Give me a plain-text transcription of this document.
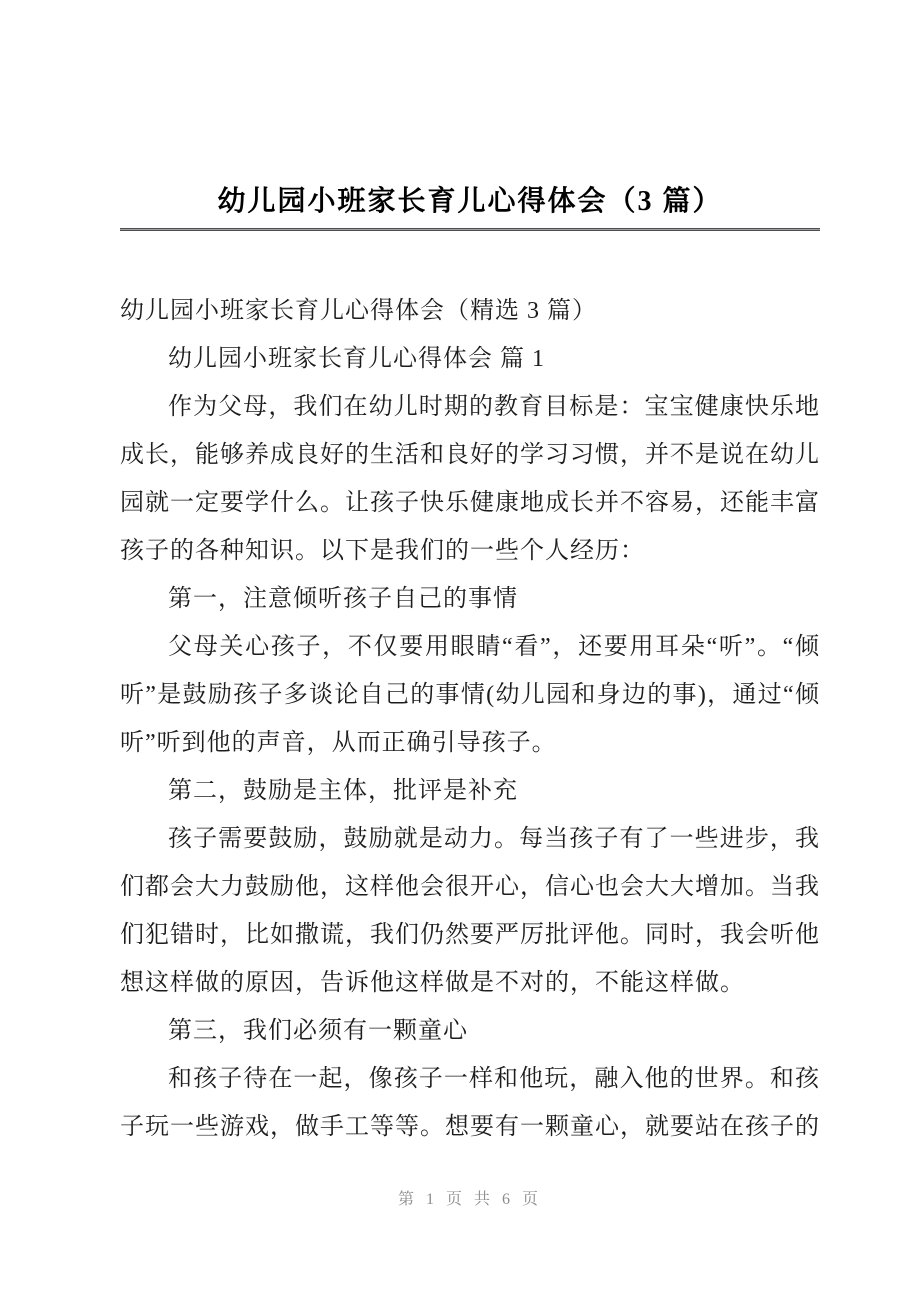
幼儿园小班家长育儿心得体会（3 篇）

幼儿园小班家长育儿心得体会（精选 3 篇）

幼儿园小班家长育儿心得体会 篇 1

作为父母，我们在幼儿时期的教育目标是：宝宝健康快乐地成长，能够养成良好的生活和良好的学习习惯，并不是说在幼儿园就一定要学什么。让孩子快乐健康地成长并不容易，还能丰富孩子的各种知识。以下是我们的一些个人经历：

第一，注意倾听孩子自己的事情

父母关心孩子，不仅要用眼睛“看”，还要用耳朵“听”。“倾听”是鼓励孩子多谈论自己的事情(幼儿园和身边的事)，通过“倾听”听到他的声音，从而正确引导孩子。

第二，鼓励是主体，批评是补充

孩子需要鼓励，鼓励就是动力。每当孩子有了一些进步，我们都会大力鼓励他，这样他会很开心，信心也会大大增加。当我们犯错时，比如撒谎，我们仍然要严厉批评他。同时，我会听他想这样做的原因，告诉他这样做是不对的，不能这样做。

第三，我们必须有一颗童心

和孩子待在一起，像孩子一样和他玩，融入他的世界。和孩子玩一些游戏，做手工等等。想要有一颗童心，就要站在孩子的

第 1 页 共 6 页
